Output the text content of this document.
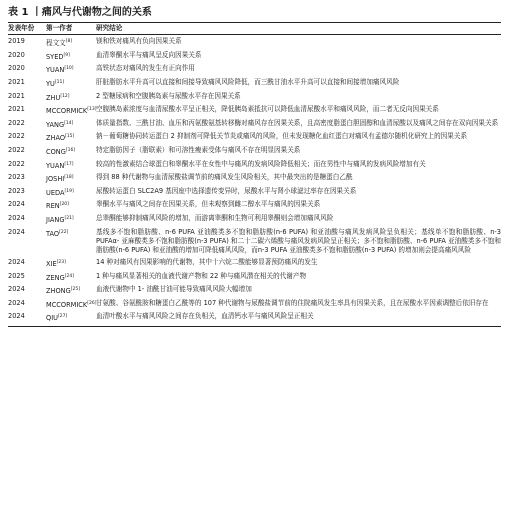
表 1 丨痛风与代谢物之间的关系
发表年份	第一作者	研究结论
2019	程文文[8]	镁和铁对痛风有负向因果关系
2020	SYED[9]	血清睾酮水平与痛风呈反向因果关系
2020	YUAN[10]	高铁状态对痛风的发生有正向作用
2021	YU[11]	肝脏脂肪水平升高可以直接和间接导致痛风风险降低，而三酰甘油水平升高可以直接和间接增加痛风风险
2021	ZHU[12]	2 型糖尿病和空腹胰岛素与尿酸水平存在因果关系
2021	MCCORMICK[13] 空腹胰岛素浓度与血清尿酸水平呈正相关，降低胰岛素抵抗可以降低血清尿酸水平和痛风风险，而二者无反向因果关系
2022	YANG[14]	体质量指数、三酰甘油、血压和丙氨酸氨基转移酶对痛风存在因果关系，且高密度脂蛋白胆固醇和血清尿酸以及痛风之间存在双向因果关系
2022	ZHAO[15]	钠－葡萄糖协同转运蛋白 2 抑制剂可降低关节炎或痛风的风险，但未发现糖化血红蛋白对痛风有孟德尔随机化研究上的因果关系
2022	CONG[16]	特定脂肪因子（脂联素）和可溶性瘦素受体与痛风不存在明显因果关系
2022	YUAN[17]	较高的性激素结合球蛋白和睾酮水平在女性中与痛风的发病风险降低相关；而在男性中与痛风的发病风险增加有关
2023	JOSHI[18]	得到 88 种代谢物与血清尿酸盐调节前的痛风发生风险相关，其中最突出的是糖蛋白乙酰
2023	UEDA[19]	尿酸转运蛋白 SLC2A9 基因座中选择遗传变异时，尿酸水平与肾小球滤过率存在因果关系
2024	REN[20]	睾酮水平与痛风之间存在因果关系，但未观察到雌二醇水平与痛风的因果关系
2024	JIANG[21]	总睾酮能够抑制痛风风险的增加，而游离睾酮和生物可利用睾酮则会增加痛风风险
2024	TAO[22]	基线多不饱和脂肪酸、n-6 PUFA 亚油酸类多不饱和脂肪酸(n-6 PUFA) 和亚油酸与痛风发病风险呈负相关；基线单不饱和脂肪酸、n-3 PUFAα- 亚麻酸类多不饱和脂肪酸(n-3 PUFA) 和二十二碳六烯酸与痛风发病风险呈正相关；多不饱和脂肪酸、n-6 PUFA 亚油酸类多不饱和脂肪酸(n-6 PUFA) 和亚油酸的增加可降低痛风风险，而n-3 PUFA 亚油酸类多不饱和脂肪酸(n-3 PUFA) 的增加则会提高痛风风险
2024	XIE[23]	14 种对痛风有因果影响的代谢物，其中十六烷二酸能够显著预防痛风的发生
2025	ZENG[24]	1 种与痛风显著相关的血液代谢产物和 22 种与痛风潜在相关的代谢产物
2024	ZHONG[25]	血液代谢物中 1- 油酰甘油可能导致痛风风险大幅增加
2024	MCCORMICK[26] 甘氨酸、谷氨酰胺和糖蛋白乙酰等的 107 种代谢物与尿酸盐调节前的住院痛风发生率具有因果关系，且在尿酸水平因素调整后依旧存在
2024	QIU[27]	血清叶酸水平与痛风风险之间存在负相关，血清钙水平与痛风风险呈正相关
